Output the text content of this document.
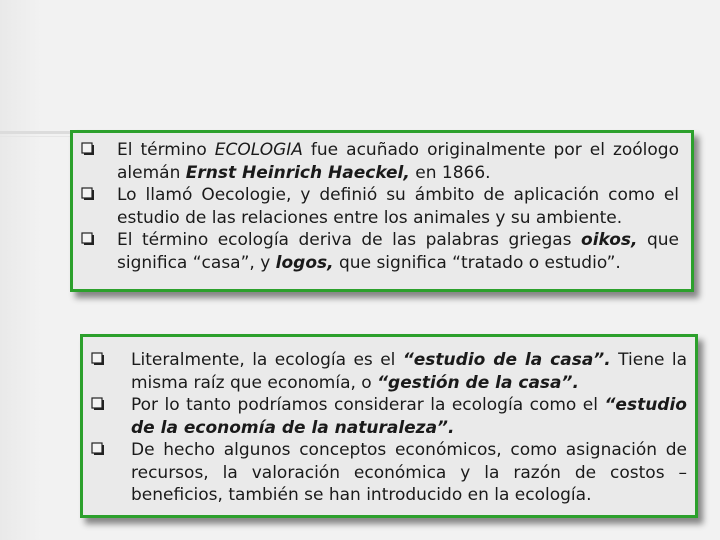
El término ECOLOGIA fue acuñado originalmente por el zoólogo alemán Ernst Heinrich Haeckel, en 1866.
Lo llamó Oecologie, y definió su ámbito de aplicación como el estudio de las relaciones entre los animales y su ambiente.
El término ecología deriva de las palabras griegas oikos, que significa “casa”, y logos, que significa “tratado o estudio”.
Literalmente, la ecología es el “estudio de la casa”. Tiene la misma raíz que economía, o “gestión de la casa”.
Por lo tanto podríamos considerar la ecología como el “estudio de la economía de la naturaleza”.
De hecho algunos conceptos económicos, como asignación de recursos, la valoración económica y la razón de costos – beneficios, también se han introducido en la ecología.
